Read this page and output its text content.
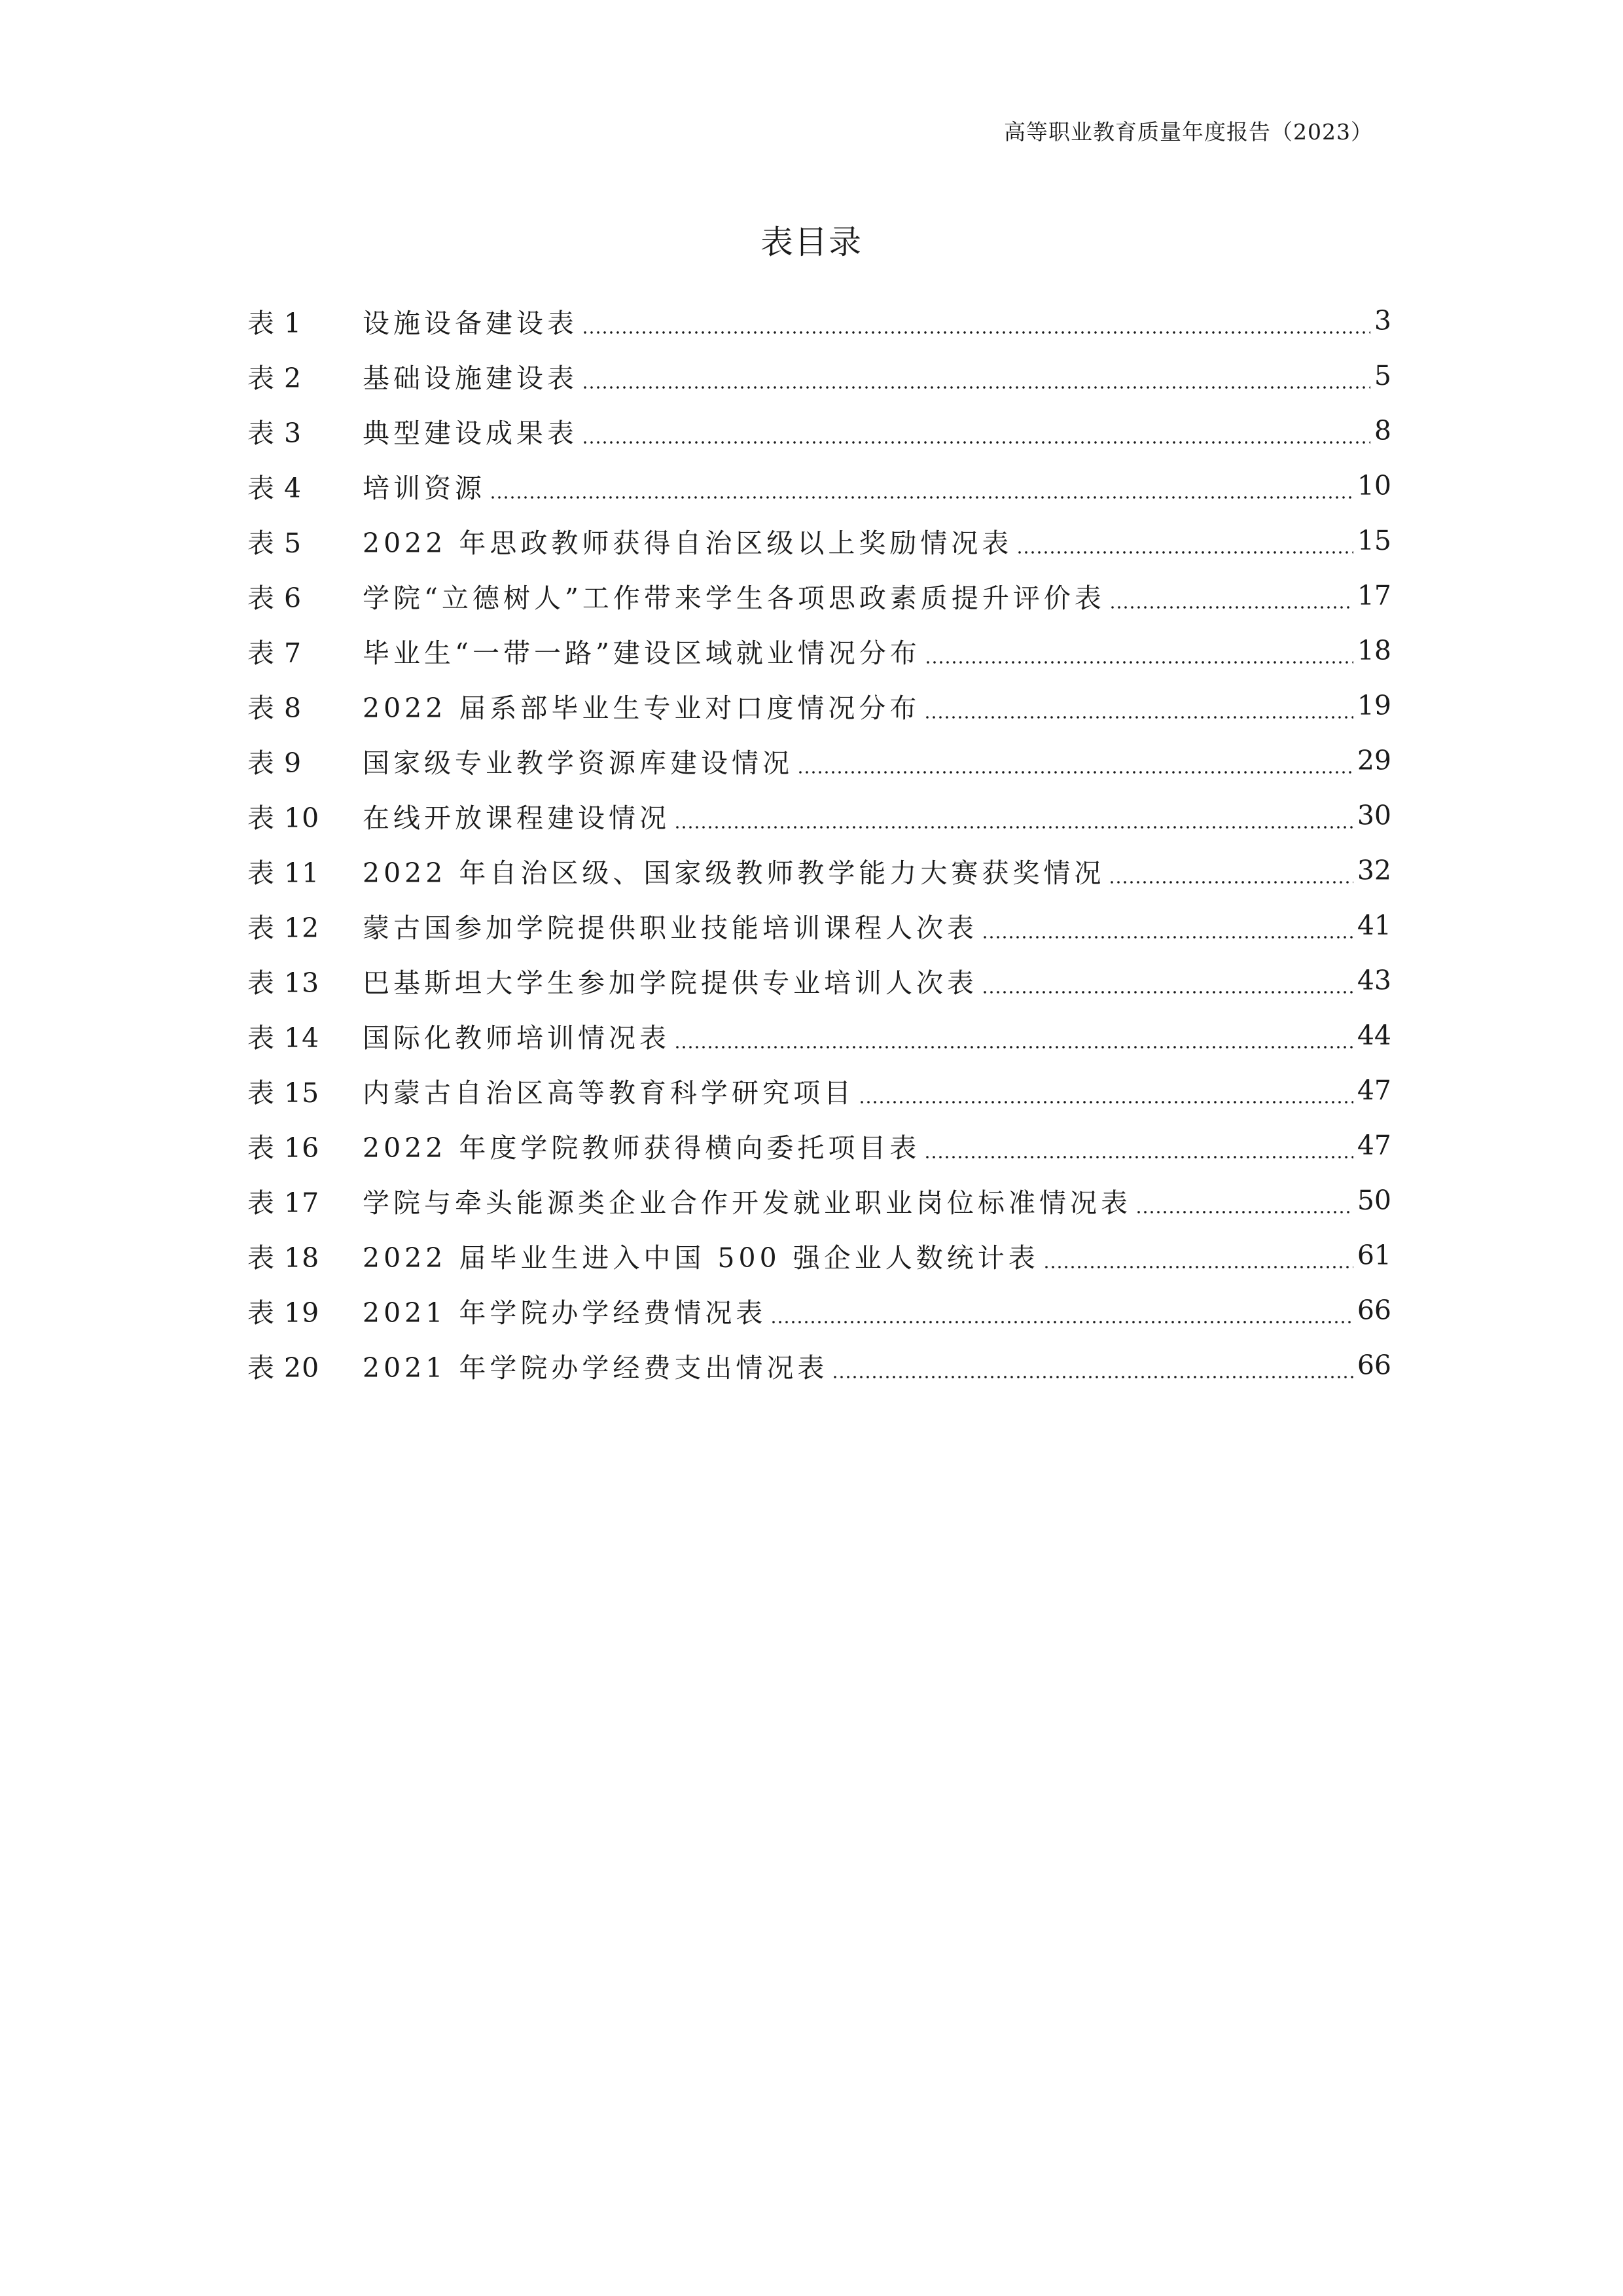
高等职业教育质量年度报告（2023）
表目录
表 1	设施设备建设表	3
表 2	基础设施建设表	5
表 3	典型建设成果表	8
表 4	培训资源	10
表 5	2022 年思政教师获得自治区级以上奖励情况表	15
表 6	学院“立德树人”工作带来学生各项思政素质提升评价表	17
表 7	毕业生“一带一路”建设区域就业情况分布	18
表 8	2022 届系部毕业生专业对口度情况分布	19
表 9	国家级专业教学资源库建设情况	29
表 10	在线开放课程建设情况	30
表 11	2022 年自治区级、国家级教师教学能力大赛获奖情况	32
表 12	蒙古国参加学院提供职业技能培训课程人次表	41
表 13	巴基斯坦大学生参加学院提供专业培训人次表	43
表 14	国际化教师培训情况表	44
表 15	内蒙古自治区高等教育科学研究项目	47
表 16	2022 年度学院教师获得横向委托项目表	47
表 17	学院与牵头能源类企业合作开发就业职业岗位标准情况表	50
表 18	2022 届毕业生进入中国 500 强企业人数统计表	61
表 19	2021 年学院办学经费情况表	66
表 20	2021 年学院办学经费支出情况表	66
